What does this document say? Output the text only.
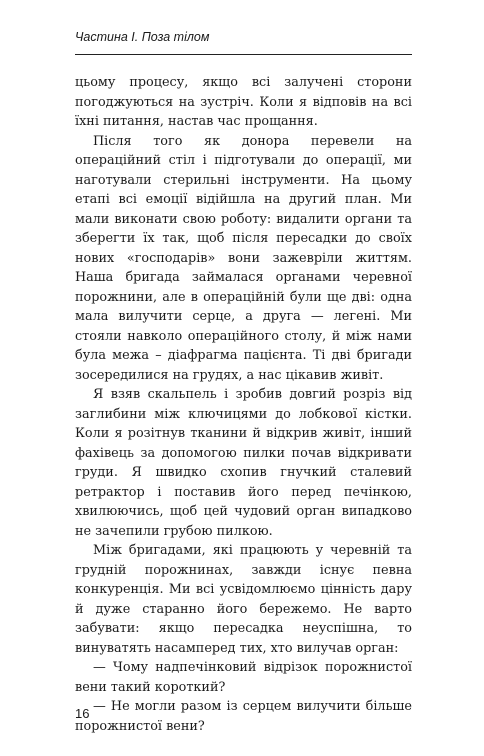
Частина I. Поза тілом

цьому процесу, якщо всі залучені сторони погоджуються на зустріч. Коли я відповів на всі їхні питання, настав час прощання.

Після того як донора перевели на операційний стіл і підготували до операції, ми наготували стерильні інструменти. На цьому етапі всі емоції відійшла на другий план. Ми мали виконати свою роботу: видалити органи та зберегти їх так, щоб після пересадки до своїх нових «господарів» вони зажевріли життям. Наша бригада займалася органами черевної порожнини, але в операційній були ще дві: одна мала вилучити серце, а друга — легені. Ми стояли навколо операційного столу, й між нами була межа – діафрагма пацієнта. Ті дві бригади зосередилися на грудях, а нас цікавив живіт.

Я взяв скальпель і зробив довгий розріз від заглибини між ключицями до лобкової кістки. Коли я розітнув тканини й відкрив живіт, інший фахівець за допомогою пилки почав відкривати груди. Я швидко схопив гнучкий сталевий ретрактор і поставив його перед печінкою, хвилюючись, щоб цей чудовий орган випадково не зачепили грубою пилкою.

Між бригадами, які працюють у черевній та грудній порожнинах, завжди існує певна конкуренція. Ми всі усвідомлюємо цінність дару й дуже старанно його бережемо. Не варто забувати: якщо пересадка неуспішна, то винуватять насамперед тих, хто вилучав орган:

— Чому надпечінковий відрізок порожнистої вени такий короткий?

— Не могли разом із серцем вилучити більше порожнистої вени?

16
